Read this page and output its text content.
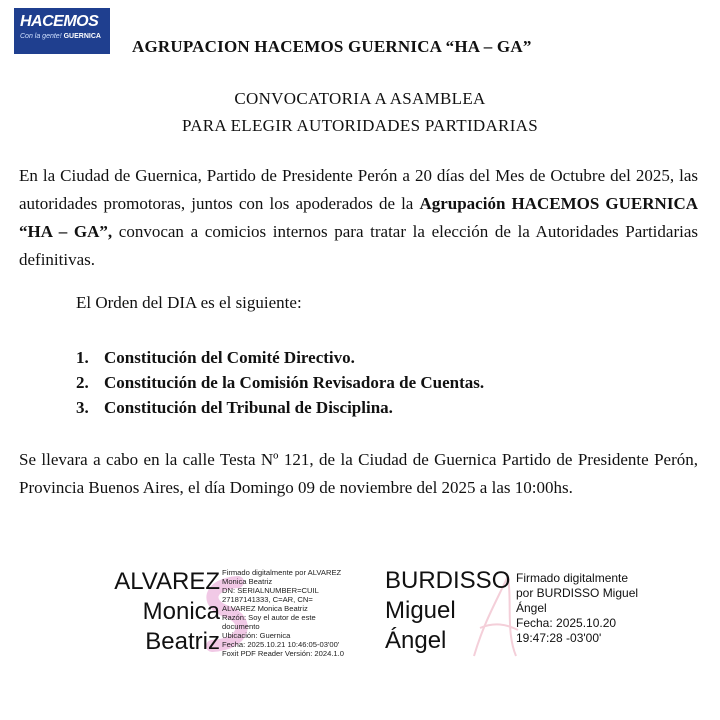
HACEMOS
Con la gente! GUERNICA
AGRUPACION HACEMOS GUERNICA “HA – GA”
CONVOCATORIA A ASAMBLEA
PARA ELEGIR AUTORIDADES PARTIDARIAS
En la Ciudad de Guernica, Partido de Presidente Perón a 20 días del Mes de Octubre del 2025, las autoridades promotoras, juntos con los apoderados de la Agrupación HACEMOS GUERNICA “HA – GA”, convocan a comicios internos para tratar la elección de la Autoridades Partidarias definitivas.
El Orden del DIA es el siguiente:
1. Constitución del Comité Directivo.
2. Constitución de la Comisión Revisadora de Cuentas.
3. Constitución del Tribunal de Disciplina.
Se llevara a cabo en la calle Testa Nº 121, de la Ciudad de Guernica Partido de Presidente Perón, Provincia Buenos Aires, el día Domingo 09 de noviembre del 2025 a las 10:00hs.
ALVAREZ
Monica
Beatriz
Firmado digitalmente por ALVAREZ
Monica Beatriz
DN: SERIALNUMBER=CUIL
27187141333, C=AR, CN=
ALVAREZ Monica Beatriz
Razón: Soy el autor de este
documento
Ubicación: Guernica
Fecha: 2025.10.21 10:46:05-03'00'
Foxit PDF Reader Versión: 2024.1.0
BURDISSO
Miguel
Ángel
Firmado digitalmente
por BURDISSO Miguel
Ángel
Fecha: 2025.10.20
19:47:28 -03'00'
